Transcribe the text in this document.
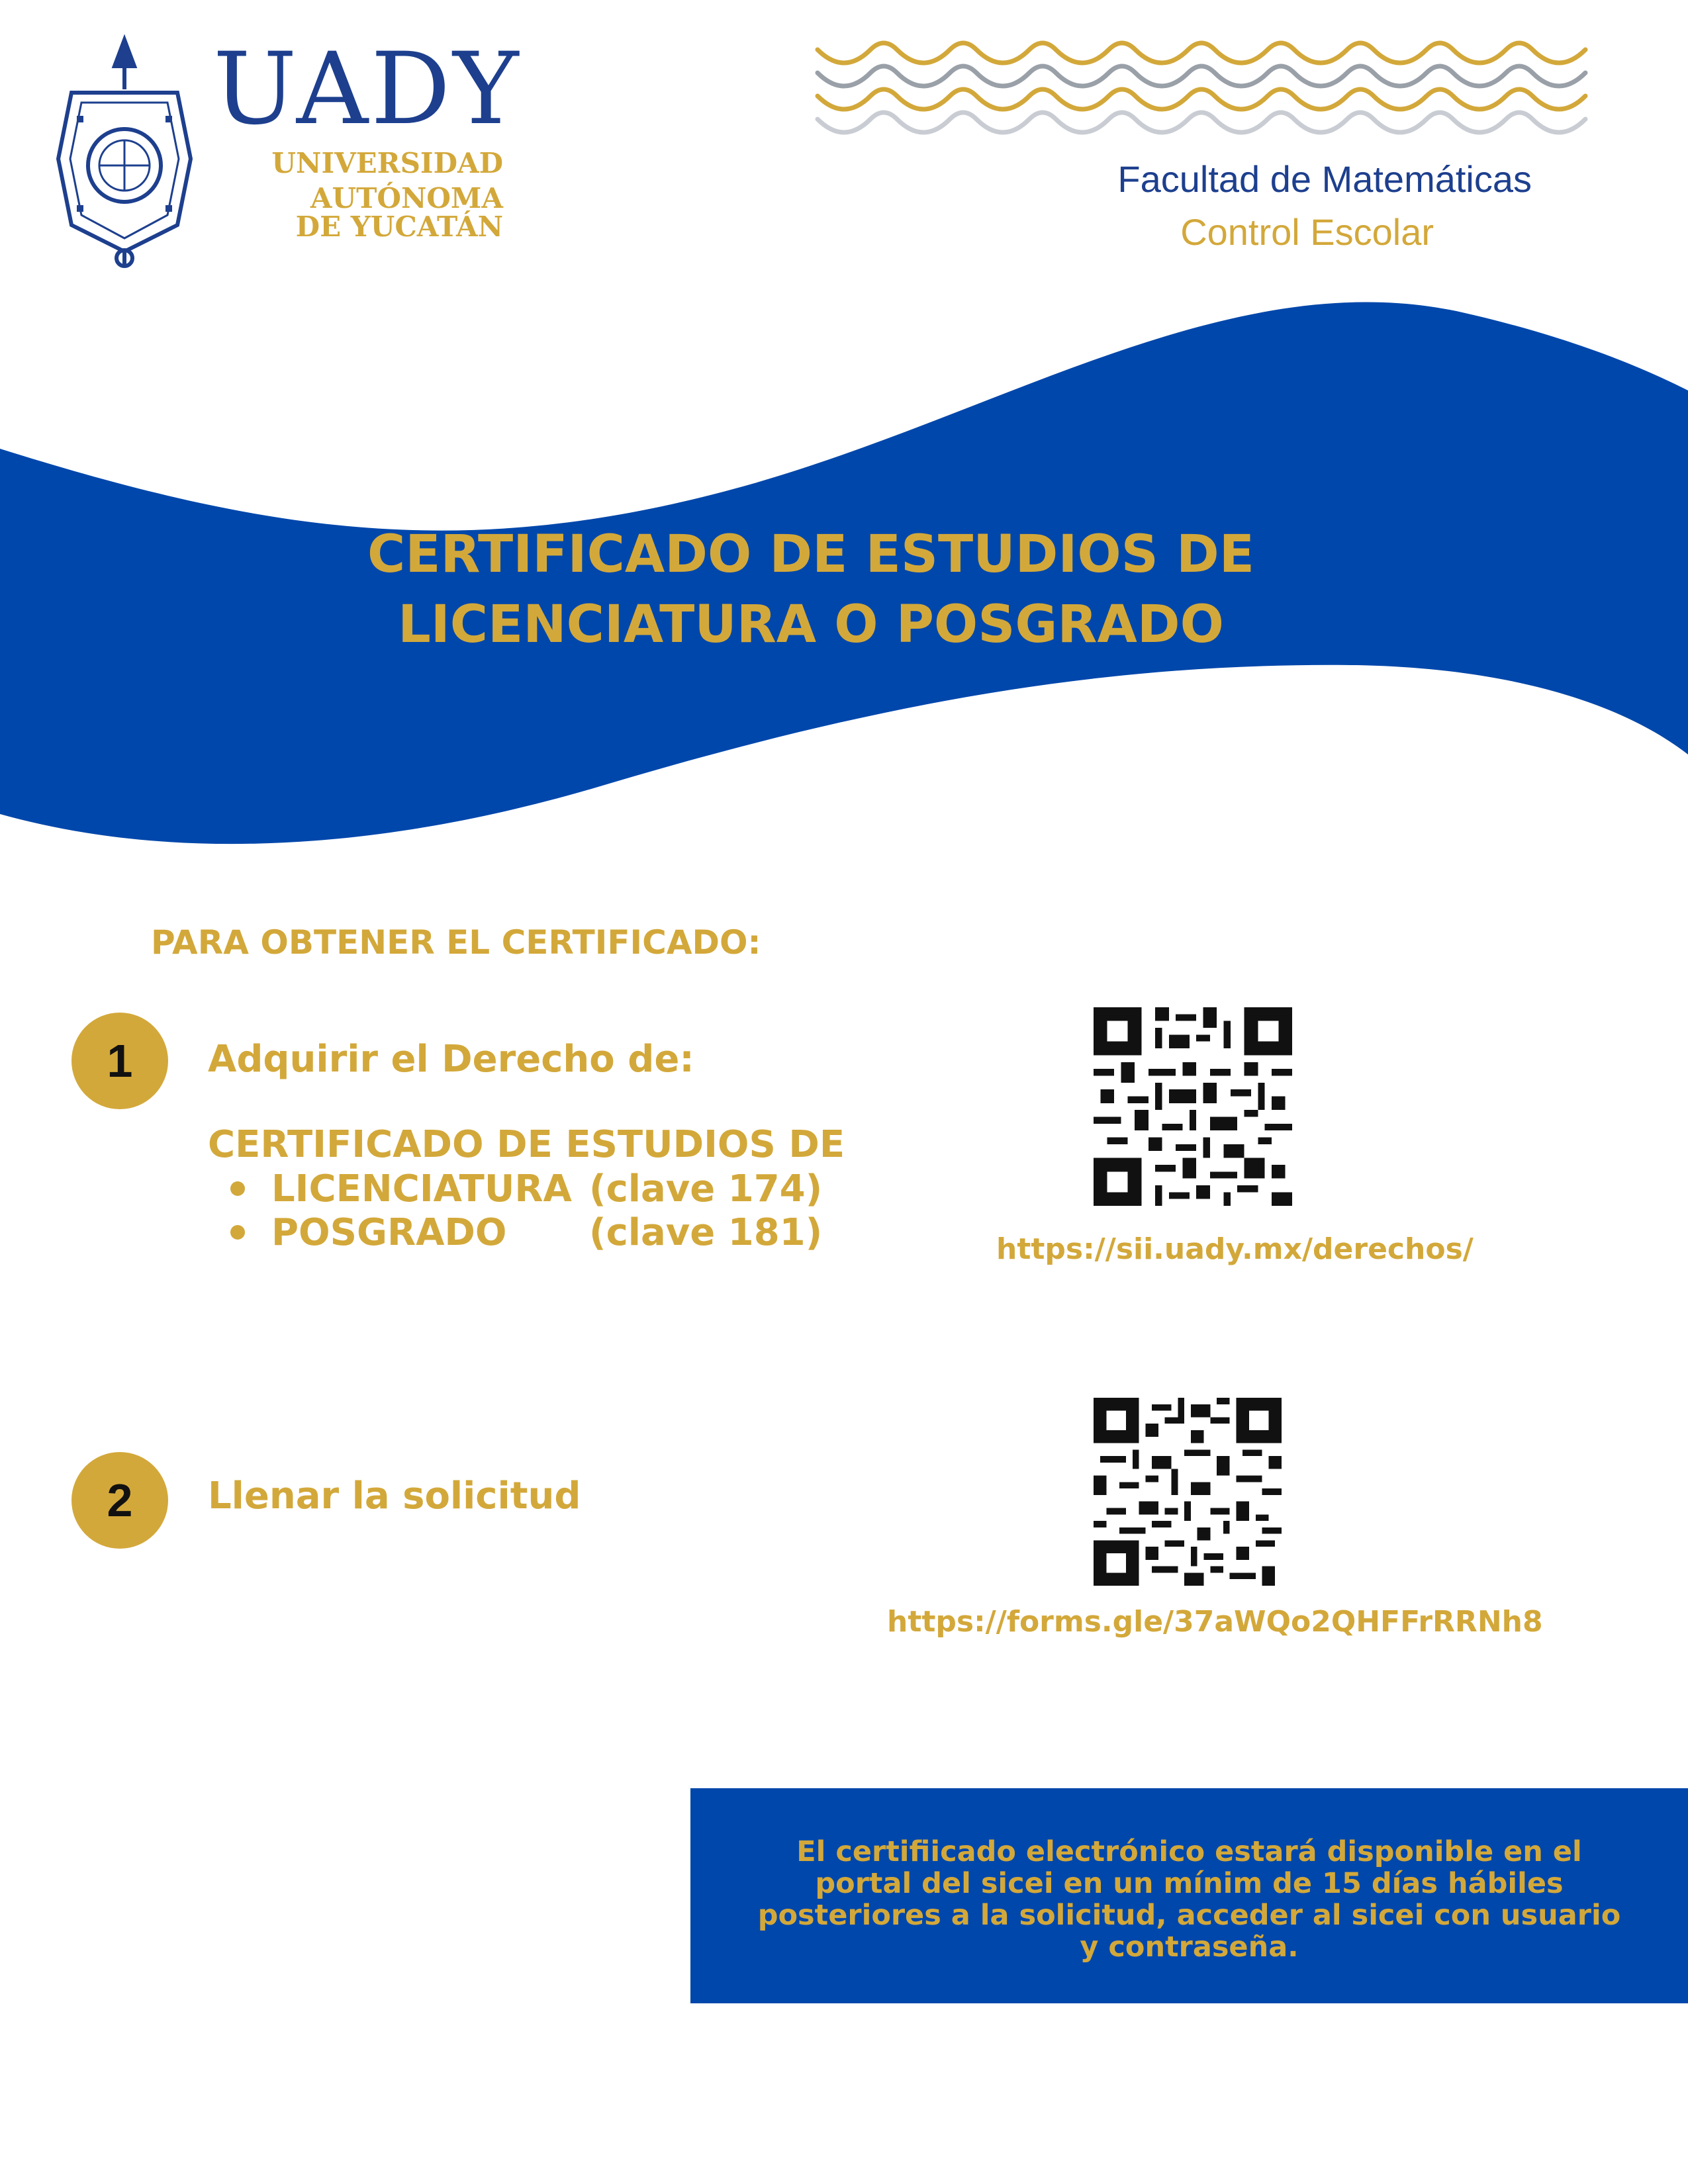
UADY
UNIVERSIDAD
AUTÓNOMA
DE YUCATÁN
Facultad de Matemáticas
Control Escolar
CERTIFICADO DE ESTUDIOS DE
LICENCIATURA O POSGRADO
PARA OBTENER EL CERTIFICADO:
1	Adquirir el Derecho de:
CERTIFICADO DE ESTUDIOS DE
LICENCIATURA (clave 174)
POSGRADO	(clave 181)	https://sii.uady.mx/derechos/
2	Llenar la solicitud
https://forms.gle/37aWQo2QHFFrRRNh8
El certifiicado electrónico estará disponible en el
portal del sicei en un mínim de 15 días hábiles
posteriores a la solicitud, acceder al sicei con usuario
y contraseña.
